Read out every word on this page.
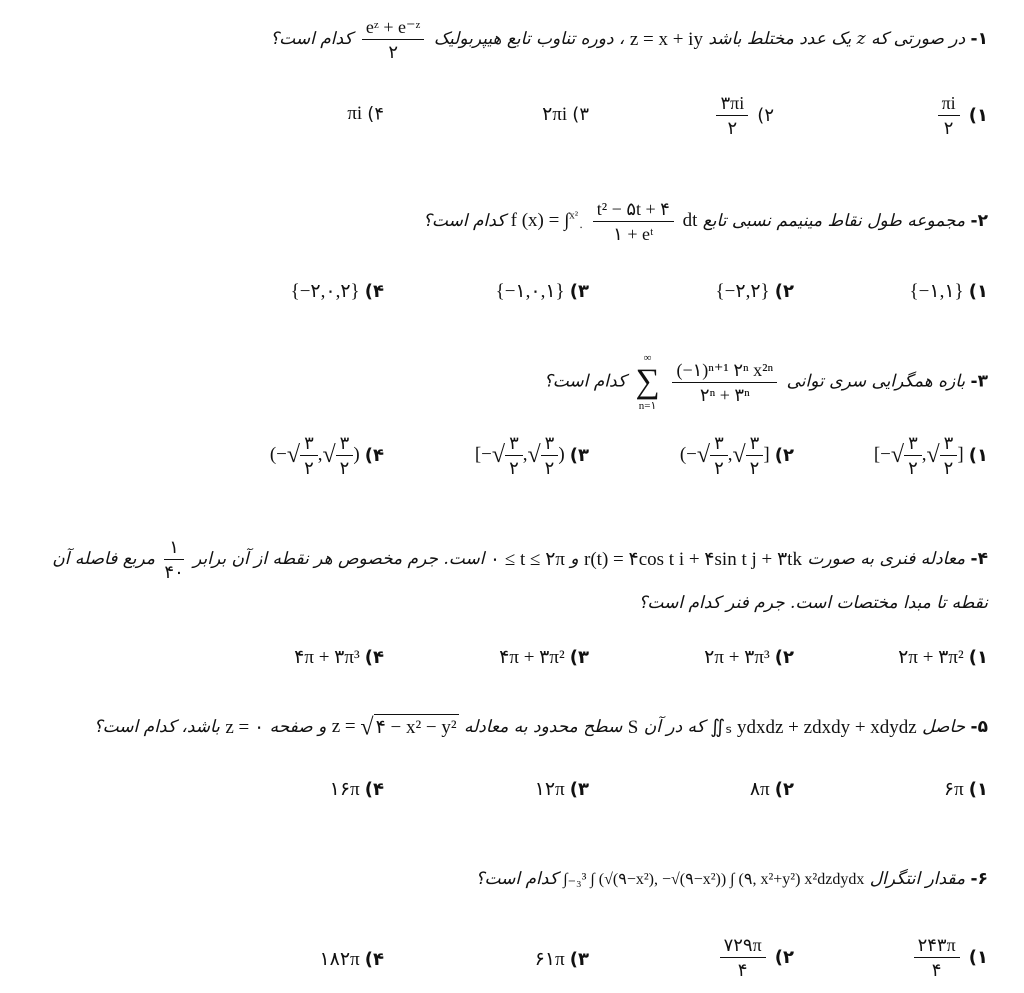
۱- در صورتی که z یک عدد مختلط باشد z = x + iy ، دوره تناوب تابع هیپربولیک
$\frac{\text{eᶻ + e⁻ᶻ}}{۲}$
کدام است؟
۱)
$\frac{\pi i}{۲}$
۲)
$\frac{۳\pi i}{۲}$
۳) ۲πi
۴) πi
۲- مجموعه طول نقاط مینیمم نسبی تابع f $(x) = \int^{x^2}_۰ \frac{\text{t² − ۵t + ۴}}{\text{۱ + eᵗ}}$ dt کدام است؟
۱) {−۱,۱}
۲) {−۲,۲}
۳) {−۱,۰,۱}
۴) {−۲,۰,۲}
۳- بازه همگرایی سری توانی
∞
∑
n=۱

$\frac{\text{(−۱)ⁿ⁺¹ ۲ⁿ x²ⁿ}}{\text{۲ⁿ + ۳ⁿ}}$
کدام است؟
۱) [−√ $\frac{۳}{۲}$ ,√ $\frac{۳}{۲}$ ]
۲) (−√ $\frac{۳}{۲}$ ,√ $\frac{۳}{۲}$ ]
۳) [−√ $\frac{۳}{۲}$ ,√ $\frac{۳}{۲}$ )
۴) (−√ $\frac{۳}{۲}$ ,√ $\frac{۳}{۲}$ )
۴- معادله فنری به صورت r(t) = ۴cos t i + ۴sin t j + ۳tk و ۰ ≤ t ≤ ۲π است. جرم مخصوص هر نقطه از آن برابر
$\frac{۱}{۴۰}$
مربع فاصله آن
نقطه تا مبدا مختصات است. جرم فنر کدام است؟
۱) ۲π + ۳π²
۲) ۲π + ۳π³
۳) ۴π + ۳π²
۴) ۴π + ۳π³
۵- حاصل ∬ₛ ydxdz + zdxdy + xdydz که در آن S سطح محدود به معادله z = √ ۴ − x² − y² و صفحه z = ۰ باشد، کدام است؟
۱) ۶π
۲) ۸π
۳) ۱۲π
۴) ۱۶π
۶- مقدار انتگرال ∫₋₃³ ∫ (√(۹−x²), −√(۹−x²)) ∫ (۹, x²+y²) x²dzdydx کدام است؟
۱)
$\frac{۲۴۳\pi}{۴}$
۲)
$\frac{۷۲۹\pi}{۴}$
۳) ۶۱π
۴) ۱۸۲π
